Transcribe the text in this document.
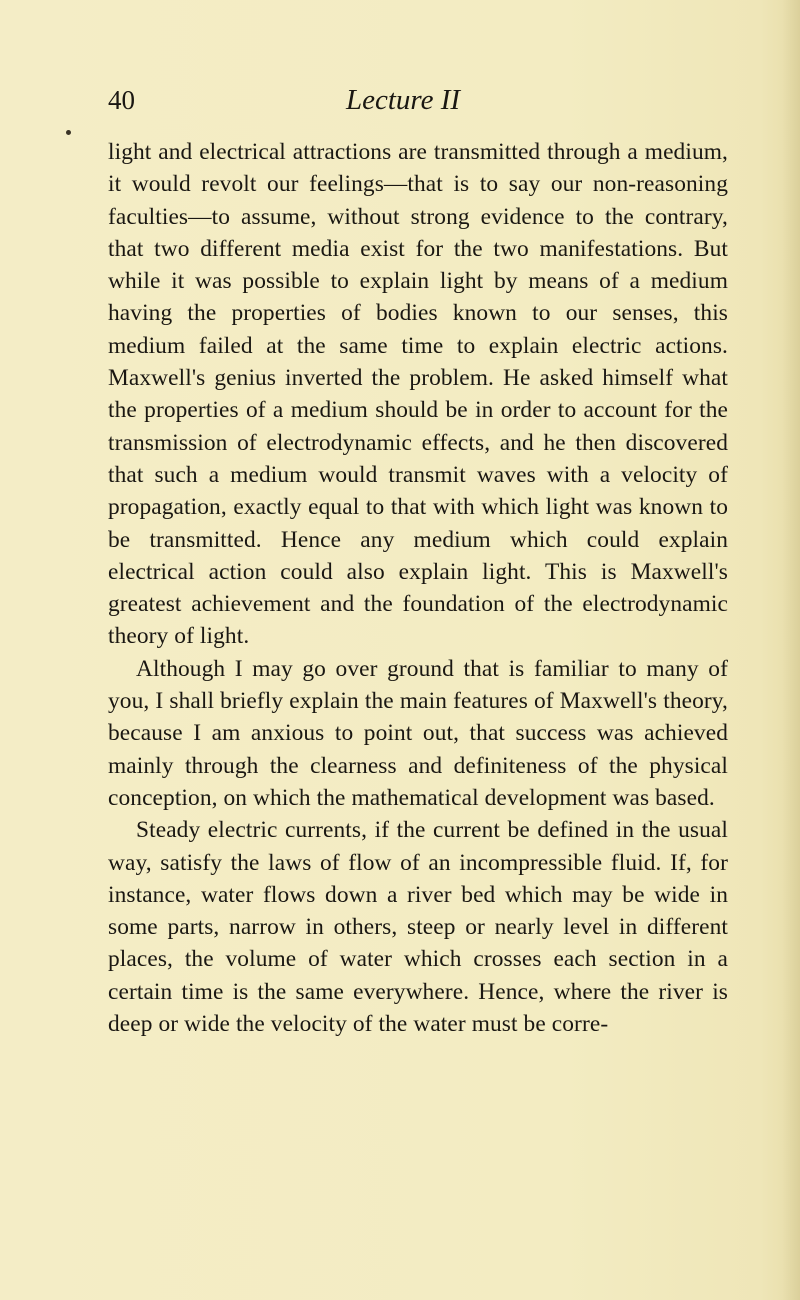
40	Lecture II

light and electrical attractions are transmitted through a medium, it would revolt our feelings—that is to say our non-reasoning faculties—to assume, without strong evidence to the contrary, that two different media exist for the two manifestations. But while it was possible to explain light by means of a medium having the properties of bodies known to our senses, this medium failed at the same time to explain electric actions. Maxwell's genius inverted the problem. He asked himself what the properties of a medium should be in order to account for the transmission of electrodynamic effects, and he then discovered that such a medium would transmit waves with a velocity of propagation, exactly equal to that with which light was known to be transmitted. Hence any medium which could explain electrical action could also explain light. This is Maxwell's greatest achievement and the foundation of the electrodynamic theory of light.

Although I may go over ground that is familiar to many of you, I shall briefly explain the main features of Maxwell's theory, because I am anxious to point out, that success was achieved mainly through the clearness and definiteness of the physical conception, on which the mathematical development was based.

Steady electric currents, if the current be defined in the usual way, satisfy the laws of flow of an incompressible fluid. If, for instance, water flows down a river bed which may be wide in some parts, narrow in others, steep or nearly level in different places, the volume of water which crosses each section in a certain time is the same everywhere. Hence, where the river is deep or wide the velocity of the water must be corre-
